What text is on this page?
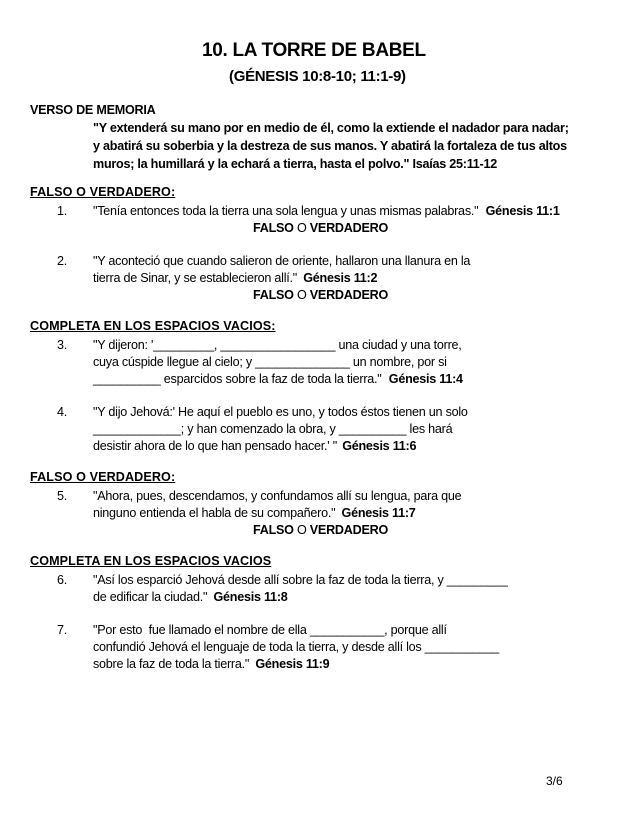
10. LA TORRE DE BABEL
(GÉNESIS 10:8-10; 11:1-9)
VERSO DE MEMORIA
"Y extenderá su mano por en medio de él, como la extiende el nadador para nadar;
y abatirá su soberbia y la destreza de sus manos. Y abatirá la fortaleza de tus altos
muros; la humillará y la echará a tierra, hasta el polvo." Isaías 25:11-12
FALSO O VERDADERO:
1. "Tenía entonces toda la tierra una sola lengua y unas mismas palabras." Génesis 11:1
FALSO O VERDADERO
2. "Y aconteció que cuando salieron de oriente, hallaron una llanura en la
tierra de Sinar, y se establecieron allí." Génesis 11:2
FALSO O VERDADERO
COMPLETA EN LOS ESPACIOS VACIOS:
3. "Y dijeron: '_________, _________________ una ciudad y una torre,
cuya cúspide llegue al cielo; y ______________ un nombre, por si
__________ esparcidos sobre la faz de toda la tierra." Génesis 11:4
4. "Y dijo Jehová:' He aquí el pueblo es uno, y todos éstos tienen un solo
_____________; y han comenzado la obra, y __________ les hará
desistir ahora de lo que han pensado hacer.' " Génesis 11:6
FALSO O VERDADERO:
5. "Ahora, pues, descendamos, y confundamos allí su lengua, para que
ninguno entienda el habla de su compañero." Génesis 11:7
FALSO O VERDADERO
COMPLETA EN LOS ESPACIOS VACIOS
6. "Así los esparció Jehová desde allí sobre la faz de toda la tierra, y _________
de edificar la ciudad." Génesis 11:8
7. "Por esto  fue llamado el nombre de ella ___________, porque allí
confundió Jehová el lenguaje de toda la tierra, y desde allí los ___________
sobre la faz de toda la tierra." Génesis 11:9
3/6
